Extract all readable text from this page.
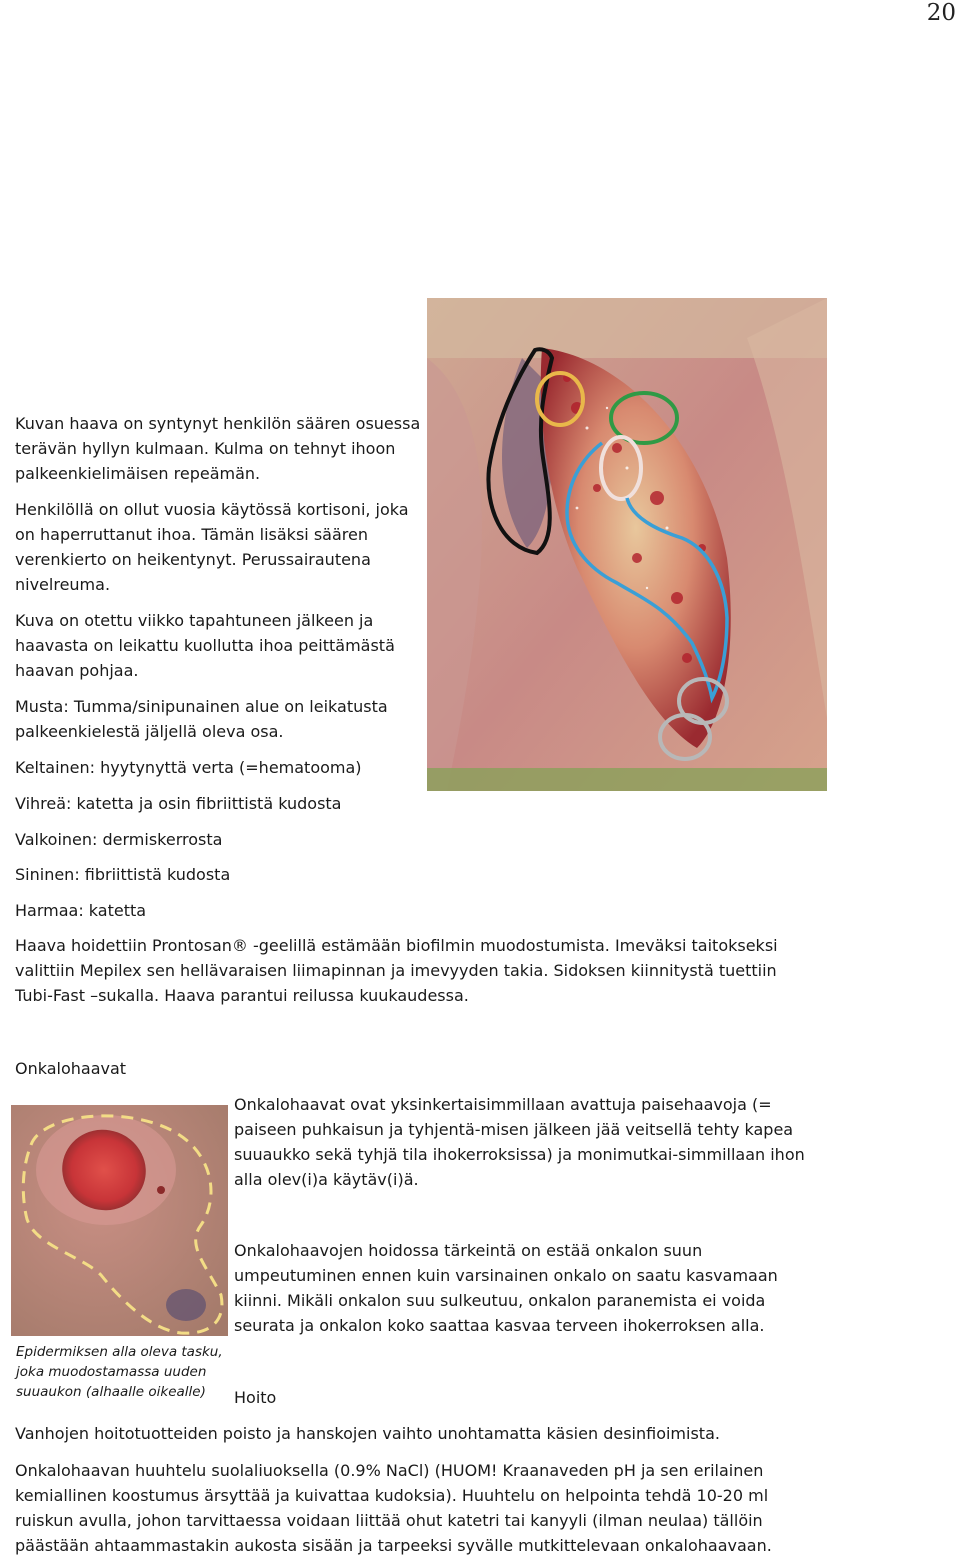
20

Kuvan haava on syntynyt henkilön säären osuessa terävän hyllyn kulmaan. Kulma on tehnyt ihoon palkeenkielimäisen repeämän.

Henkilöllä on ollut vuosia käytössä kortisoni, joka on haperruttanut ihoa. Tämän lisäksi säären verenkierto on heikentynyt. Perussairautena nivelreuma.

Kuva on otettu viikko tapahtuneen jälkeen ja haavasta on leikattu kuollutta ihoa peittämästä haavan pohjaa.

Musta: Tumma/sinipunainen alue on leikatusta palkeenkielestä jäljellä oleva osa.

Keltainen: hyytynyttä verta (=hematooma)

Vihreä: katetta ja osin fibriittistä kudosta

Valkoinen: dermiskerrosta

Sininen: fibriittistä kudosta

Harmaa: katetta

Haava hoidettiin Prontosan® -geelillä estämään biofilmin muodostumista. Imeväksi taitokseksi valittiin Mepilex sen hellävaraisen liimapinnan ja imevyyden takia. Sidoksen kiinnitystä tuettiin Tubi-Fast –sukalla. Haava parantui reilussa kuukaudessa.

Onkalohaavat

Onkalohaavat ovat yksinkertaisimmillaan avattuja paisehaavoja (= paiseen puhkaisun ja tyhjentä-misen jälkeen jää veitsellä tehty kapea suuaukko sekä tyhjä tila ihokerroksissa) ja monimutkai-simmillaan ihon alla olev(i)a käytäv(i)ä.

Onkalohaavojen hoidossa tärkeintä on estää onkalon suun umpeutuminen ennen kuin varsinainen onkalo on saatu kasvamaan kiinni. Mikäli onkalon suu sulkeutuu, onkalon paranemista ei voida seurata ja onkalon koko saattaa kasvaa terveen ihokerroksen alla.

Epidermiksen alla oleva tasku, joka muodostamassa uuden suuaukon (alhaalle oikealle)	Hoito

Vanhojen hoitotuotteiden poisto ja hanskojen vaihto unohtamatta käsien desinfioimista.

Onkalohaavan huuhtelu suolaliuoksella (0.9% NaCl) (HUOM! Kraanaveden pH ja sen erilainen kemiallinen koostumus ärsyttää ja kuivattaa kudoksia). Huuhtelu on helpointa tehdä 10-20 ml ruiskun avulla, johon tarvittaessa voidaan liittää ohut katetri tai kanyyli (ilman neulaa) tällöin päästään ahtaammastakin aukosta sisään ja tarpeeksi syvälle mutkittelevaan onkalohaavaan.
